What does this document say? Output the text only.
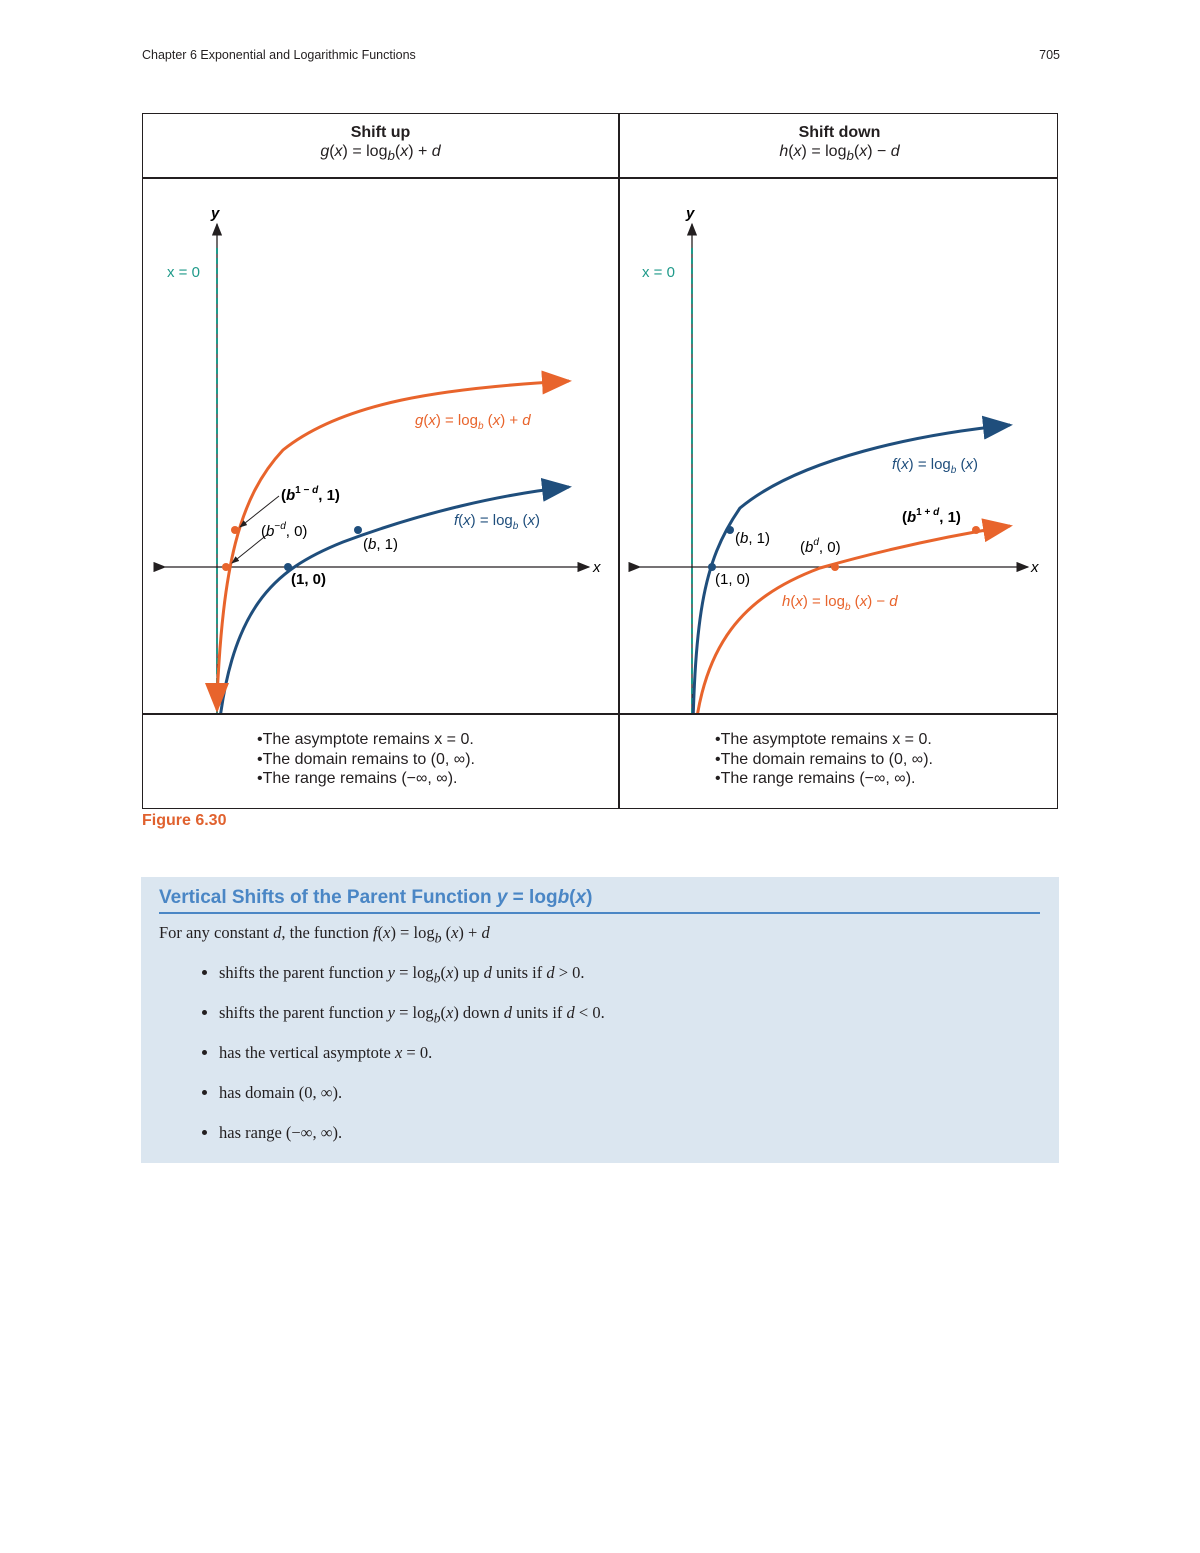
Chapter 6 Exponential and Logarithmic Functions	705
Shift up
$g(x) = \log_b(x) + d$
Shift down
$h(x) = \log_b(x) - d$
x
y
x = 0
($b^{1 - d}$, 1)
($b^{-d}$, 0)
(b, 1)
(1, 0)
$g(x) = \log_b (x) + d$
$f(x) = \log_b (x)$
x
y
x = 0
(1, 0)
(b, 1)
($b^d$, 0)
($b^{1 + d}$, 1)
$f(x) = \log_b (x)$
$h(x) = \log_b (x) - d$
•The asymptote remains x = 0.
•The domain remains to (0, ∞).
•The range remains (−∞, ∞).
•The asymptote remains x = 0.
•The domain remains to (0, ∞).
•The range remains (−∞, ∞).
Figure 6.30
Vertical Shifts of the Parent Function y = logb(x)
For any constant d, the function $f(x) = \log_b (x) + d$
• shifts the parent function $y = \log_b(x)$ up d units if d > 0.
• shifts the parent function $y = \log_b(x)$ down d units if d < 0.
• has the vertical asymptote x = 0.
• has domain (0, ∞).
• has range (−∞, ∞).
